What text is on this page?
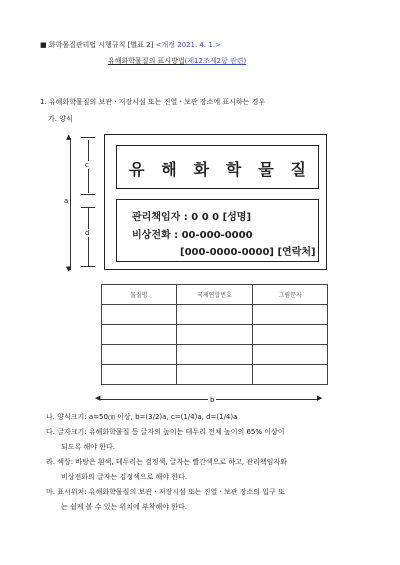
■ 화학물질관리법 시행규칙 [별표 2] <개정 2021. 4. 1.>
유해화학물질의 표시방법(제12조제2항 관련)
1. 유해화학물질의 보관ㆍ저장시설 또는 진열ㆍ보관 장소에 표시하는 경우
가. 양식
▲
▼
a
c
d
유 해 화 학 물 질
관리책임자 : 0 0 0 [성명]
비상전화 : 00-000-0000
[000-0000-0000] [연락처]
물질명	국제연합번호	그림문자

◀	▶
b
나. 양식크기: a=50㎝ 이상, b=(3/2)a, c=(1/4)a, d=(1/4)a
다. 글자크기: 유해화학물질 등 글자의 높이는 테두리 전체 높이의 65% 이상이
되도록 해야 한다.
라. 색상: 바탕은 흰색, 테두리는 검정색, 글자는 빨간색으로 하고, 관리책임자와
비상전화의 글자는 검정색으로 해야 한다.
마. 표시위치: 유해화학물질의 보관ㆍ저장시설 또는 진열ㆍ보관 장소의 입구 또
는 쉽게 볼 수 있는 위치에 부착해야 한다.
